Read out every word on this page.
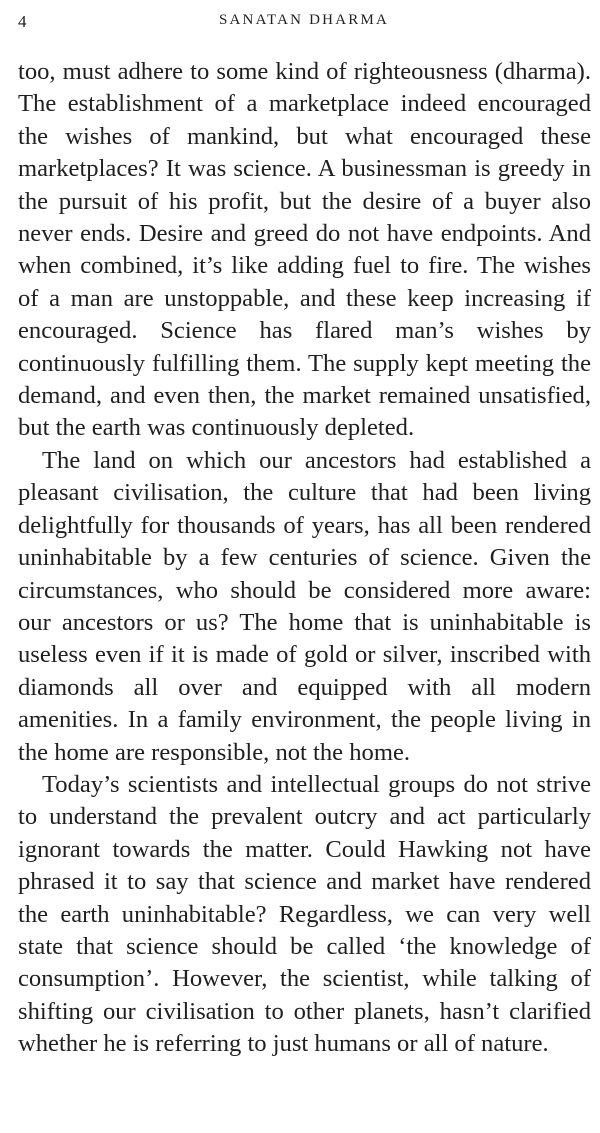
4	SANATAN DHARMA

too, must adhere to some kind of righteousness (dharma). The establishment of a marketplace indeed encouraged the wishes of mankind, but what encouraged these marketplaces? It was science. A businessman is greedy in the pursuit of his profit, but the desire of a buyer also never ends. Desire and greed do not have endpoints. And when combined, it’s like adding fuel to fire. The wishes of a man are unstoppable, and these keep increasing if encouraged. Science has flared man’s wishes by continuously fulfilling them. The supply kept meeting the demand, and even then, the market remained unsatisfied, but the earth was continuously depleted.

The land on which our ancestors had established a pleasant civilisation, the culture that had been living delightfully for thousands of years, has all been rendered uninhabitable by a few centuries of science. Given the circumstances, who should be considered more aware: our ancestors or us? The home that is uninhabitable is useless even if it is made of gold or silver, inscribed with diamonds all over and equipped with all modern amenities. In a family environment, the people living in the home are responsible, not the home.

Today’s scientists and intellectual groups do not strive to understand the prevalent outcry and act particularly ignorant towards the matter. Could Hawking not have phrased it to say that science and market have rendered the earth uninhabitable? Regardless, we can very well state that science should be called ‘the knowledge of consumption’. However, the scientist, while talking of shifting our civilisation to other planets, hasn’t clarified whether he is referring to just humans or all of nature.
